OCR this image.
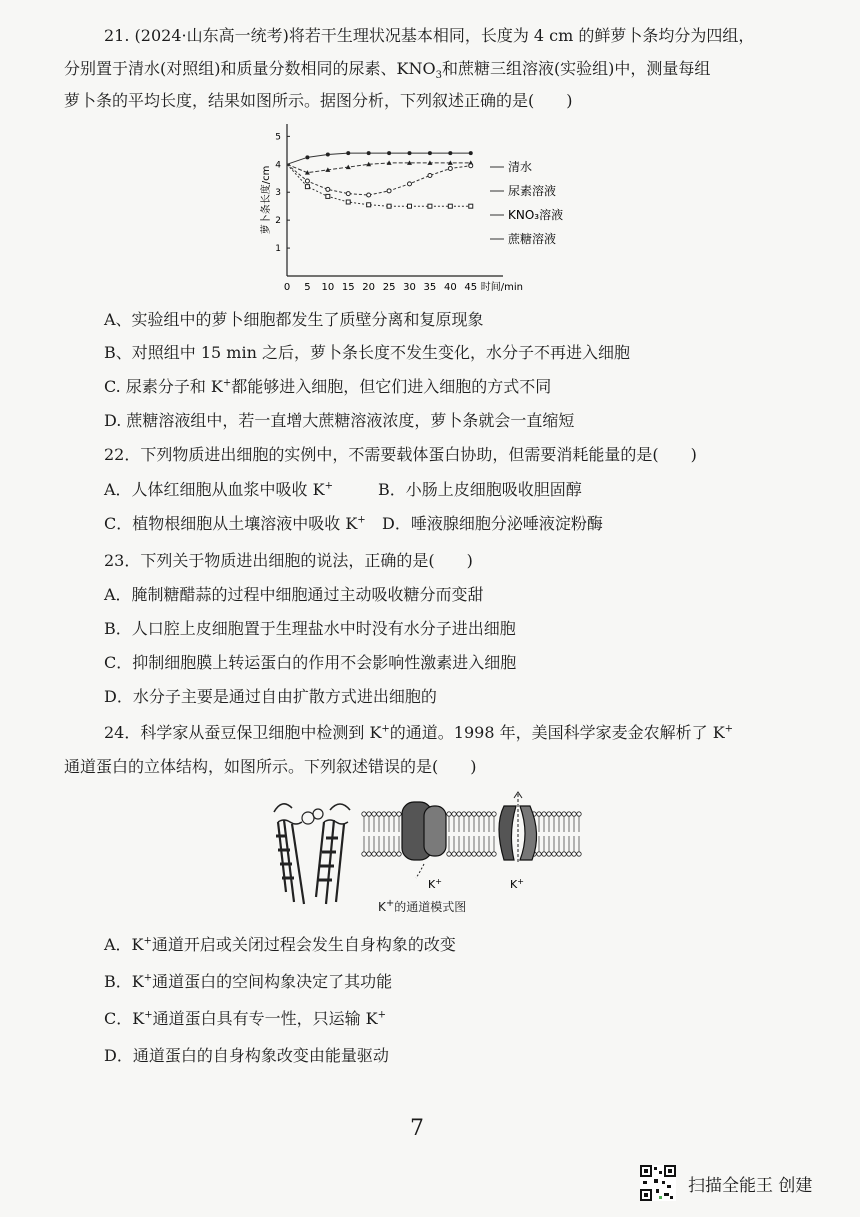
21. (2024·山东高一统考)将若干生理状况基本相同，长度为 4 cm 的鲜萝卜条均分为四组，
分别置于清水(对照组)和质量分数相同的尿素、$KNO_3$和蔗糖三组溶液(实验组)中，测量每组
萝卜条的平均长度，结果如图所示。据图分析，下列叙述正确的是(　　)
0 5 10 15 20 25 30 35 40 45
1
2
3
4
5
时间/min
萝卜条长度/cm	清水
尿素溶液
KNO₃溶液
蔗糖溶液
A、实验组中的萝卜细胞都发生了质壁分离和复原现象
B、对照组中 15 min 之后，萝卜条长度不发生变化，水分子不再进入细胞
C. 尿素分子和 K+都能够进入细胞，但它们进入细胞的方式不同
D. 蔗糖溶液组中，若一直增大蔗糖溶液浓度，萝卜条就会一直缩短
22．下列物质进出细胞的实例中，不需要载体蛋白协助，但需要消耗能量的是(　　)
A．人体红细胞从血浆中吸收 K+	B．小肠上皮细胞吸收胆固醇
C．植物根细胞从土壤溶液中吸收 K+ D．唾液腺细胞分泌唾液淀粉酶
23．下列关于物质进出细胞的说法，正确的是(　　)
A．腌制糖醋蒜的过程中细胞通过主动吸收糖分而变甜
B．人口腔上皮细胞置于生理盐水中时没有水分子进出细胞
C．抑制细胞膜上转运蛋白的作用不会影响性激素进入细胞
D．水分子主要是通过自由扩散方式进出细胞的
24．科学家从蚕豆保卫细胞中检测到 K+的通道。1998 年，美国科学家麦金农解析了 K+
通道蛋白的立体结构，如图所示。下列叙述错误的是(　　)
K+	K+
K+的通道模式图
A．K+通道开启或关闭过程会发生自身构象的改变
B．K+通道蛋白的空间构象决定了其功能
C．K+通道蛋白具有专一性，只运输 K+
D．通道蛋白的自身构象改变由能量驱动
7
扫描全能王 创建
